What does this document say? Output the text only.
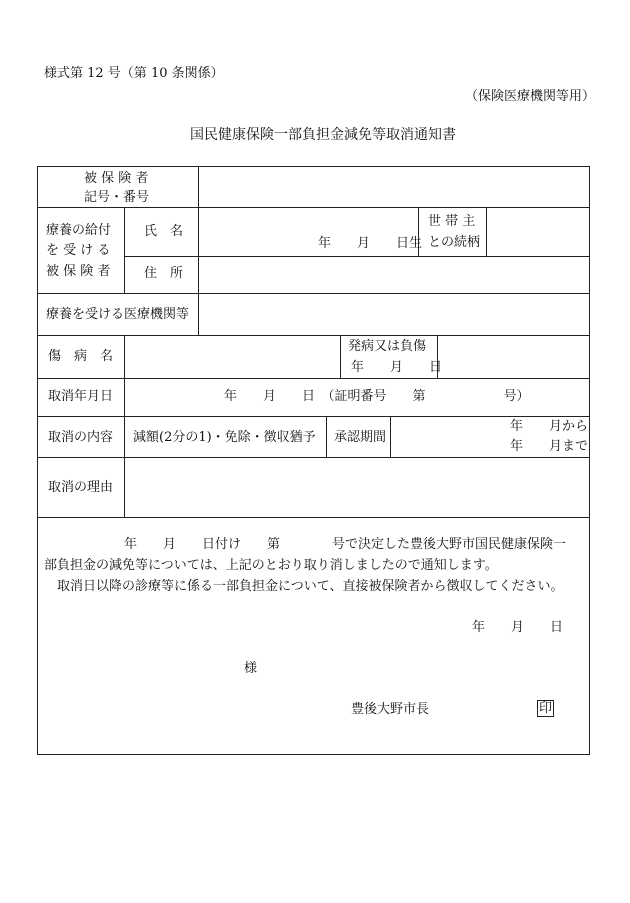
様式第 12 号（第 10 条関係）
（保険医療機関等用）
国民健康保険一部負担金減免等取消通知書
被 保 険 者
記号・番号
療養の給付
を 受 け る
被 保 険 者
氏　名
年　　月　　日生
世 帯 主
との続柄
住　所
療養を受ける医療機関等
傷　病　名
発病又は負傷
年　　月　　日
取消年月日	年　　月　　日　（証明番号　　第　　　　　　号）
取消の内容 減額(2分の1)・免除・徴収猶予 承認期間
年　　月から
年　　月まで
取消の理由
年　　月　　日付け　　第　　　　号で決定した豊後大野市国民健康保険一
部負担金の減免等については、上記のとおり取り消しましたので通知します。
取消日以降の診療等に係る一部負担金について、直接被保険者から徴収してください。
年　　月　　日
様
豊後大野市長	印
